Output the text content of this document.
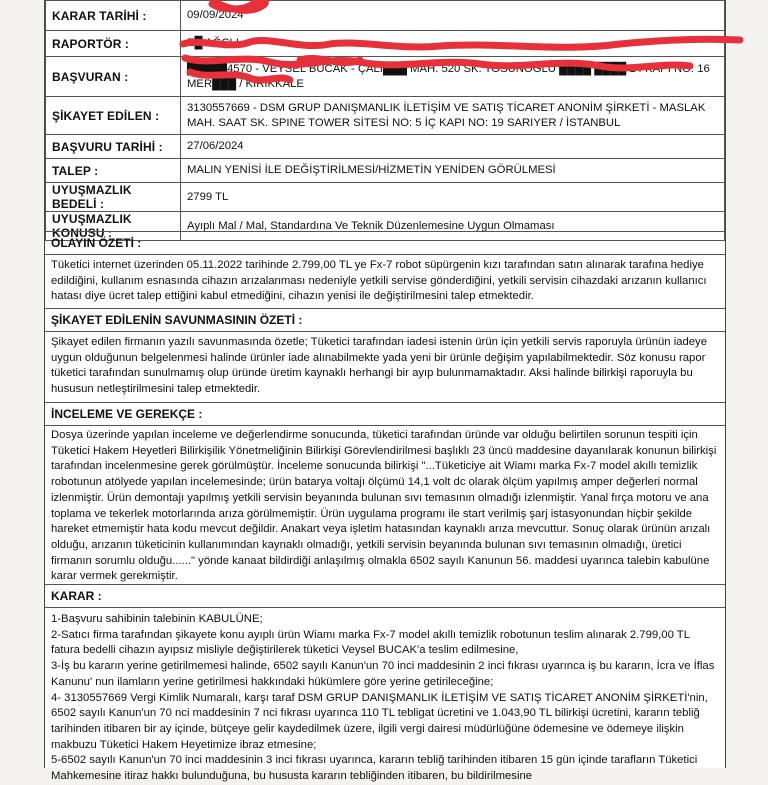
KARAR TARİHİ :	09/09/2024
RAPORTÖR :	E█ AĞÇLI
BAŞVURAN :	█████4570 - VEYSEL BUCAK - ÇALI███ MAH. 520 SK. TOSUNOĞLU ████ ████ 14 KAPI NO: 16 MER███ / KIRIKKALE
ŞİKAYET EDİLEN :	3130557669 - DSM GRUP DANIŞMANLIK İLETİŞİM VE SATIŞ TİCARET ANONİM ŞİRKETİ - MASLAK MAH. SAAT SK. SPINE TOWER SİTESİ NO: 5 İÇ KAPI NO: 19 SARIYER / İSTANBUL
BAŞVURU TARİHİ :	27/06/2024
TALEP :	MALIN YENİSİ İLE DEĞİŞTİRİLMESİ/HİZMETİN YENİDEN GÖRÜLMESİ
UYUŞMAZLIK BEDELİ :	2799 TL
UYUŞMAZLIK KONUSU :	Ayıplı Mal / Mal, Standardına Ve Teknik Düzenlemesine Uygun Olmaması
OLAYIN ÖZETİ :

Tüketici internet üzerinden 05.11.2022 tarihinde 2.799,00 TL ye Fx-7 robot süpürgenin kızı tarafından satın alınarak tarafına hediye edildiğini, kullanım esnasında cihazın arızalanması nedeniyle yetkili servise gönderdiğini, yetkili servisin cihazdaki arızanın kullanıcı hatası diye ücret talep ettiğini kabul etmediğini, cihazın yenisi ile değiştirilmesini talep etmektedir.

ŞİKAYET EDİLENİN SAVUNMASININ ÖZETİ :

Şikayet edilen firmanın yazılı savunmasında özetle; Tüketici tarafından iadesi istenin ürün için yetkili servis raporuyla ürünün iadeye uygun olduğunun belgelenmesi halinde ürünler iade alınabilmekte yada yeni bir ürünle değişim yapılabilmektedir. Söz konusu rapor tüketici tarafından sunulmamış olup üründe üretim kaynaklı herhangi bir ayıp bulunmamaktadır. Aksi halinde bilirkişi raporuyla bu hususun netleştirilmesini talep etmektedir.

İNCELEME VE GEREKÇE :

Dosya üzerinde yapılan inceleme ve değerlendirme sonucunda, tüketici tarafından üründe var olduğu belirtilen sorunun tespiti için Tüketici Hakem Heyetleri Bilirkişilik Yönetmeliğinin Bilirkişi Görevlendirilmesi başlıklı 23 üncü maddesine dayanılarak konunun bilirkişi tarafından incelenmesine gerek görülmüştür. İnceleme sonucunda bilirkişi "...Tüketiciye ait Wiamı marka Fx-7 model akıllı temizlik robotunun atölyede yapılan incelemesinde; ürün batarya voltajı ölçümü 14,1 volt dc olarak ölçüm yapılmış amper değerleri normal izlenmiştir. Ürün demontajı yapılmış yetkili servisin beyanında bulunan sıvı temasının olmadığı izlenmiştir. Yanal fırça motoru ve ana toplama ve tekerlek motorlarında arıza görülmemiştir. Ürün uygulama programı ile start verilmiş şarj istasyonundan hiçbir şekilde hareket etmemiştir hata kodu mevcut değildir. Anakart veya işletim hatasından kaynaklı arıza mevcuttur. Sonuç olarak ürünün arızalı olduğu, arızanın tüketicinin kullanımından kaynaklı olmadığı, yetkili servisin beyanında bulunan sıvı temasının olmadığı, üretici firmanın sorumlu olduğu......" yönde kanaat bildirdiği anlaşılmış olmakla 6502 sayılı Kanunun 56. maddesi uyarınca talebin kabulüne karar vermek gerekmiştir.

KARAR :
1-Başvuru sahibinin talebinin KABULÜNE;
2-Satıcı firma tarafından şikayete konu ayıplı ürün Wiamı marka Fx-7 model akıllı temizlik robotunun teslim alınarak 2.799,00 TL fatura bedelli cihazın ayıpsız misliyle değiştirilerek tüketici Veysel BUCAK'a teslim edilmesine,
3-İş bu kararın yerine getirilmemesi halinde, 6502 sayılı Kanun'un 70 inci maddesinin 2 inci fıkrası uyarınca iş bu kararın, İcra ve İflas Kanunu' nun ilamların yerine getirilmesi hakkındaki hükümlere göre yerine getirileceğine;
4- 3130557669 Vergi Kimlik Numaralı, karşı taraf DSM GRUP DANIŞMANLIK İLETİŞİM VE SATIŞ TİCARET ANONİM ŞİRKETİ'nin, 6502 sayılı Kanun'un 70 nci maddesinin 7 nci fıkrası uyarınca 110 TL tebligat ücretini ve 1.043,90 TL bilirkişi ücretini, kararın tebliğ tarihinden itibaren bir ay içinde, bütçeye gelir kaydedilmek üzere, ilgili vergi dairesi müdürlüğüne ödemesine ve ödemeye ilişkin makbuzu Tüketici Hakem Heyetimize ibraz etmesine;
5-6502 sayılı Kanun'un 70 inci maddesinin 3 inci fıkrası uyarınca, kararın tebliğ tarihinden itibaren 15 gün içinde tarafların Tüketici Mahkemesine itiraz hakkı bulunduğuna, bu hususta kararın tebliğinden itibaren, bu bildirilmesine
